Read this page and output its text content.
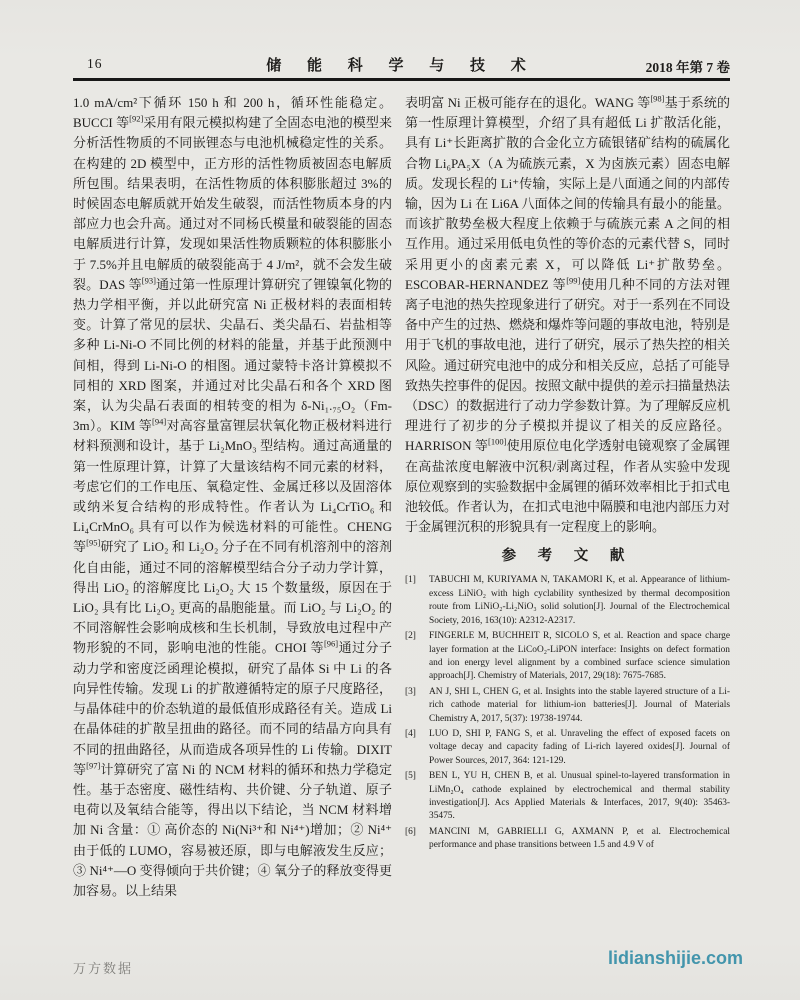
16	储 能 科 学 与 技 术	2018 年第 7 卷
1.0 mA/cm²下循环 150 h 和 200 h，循环性能稳定。BUCCI 等[92]采用有限元模拟构建了全固态电池的模型来分析活性物质的不同嵌锂态与电池机械稳定性的关系。在构建的 2D 模型中，正方形的活性物质被固态电解质所包围。结果表明，在活性物质的体积膨胀超过 3%的时候固态电解质就开始发生破裂，而活性物质本身的内部应力也会升高。通过对不同杨氏模量和破裂能的固态电解质进行计算，发现如果活性物质颗粒的体积膨胀小于 7.5%并且电解质的破裂能高于 4 J/m²，就不会发生破裂。DAS 等[93]通过第一性原理计算研究了锂镍氧化物的热力学相平衡，并以此研究富 Ni 正极材料的表面相转变。计算了常见的层状、尖晶石、类尖晶石、岩盐相等多种 Li-Ni-O 不同比例的材料的能量，并基于此预测中间相，得到 Li-Ni-O 的相图。通过蒙特卡洛计算模拟不同相的 XRD 图案，并通过对比尖晶石和各个 XRD 图案，认为尖晶石表面的相转变的相为 δ-Ni₁.₇₅O₂（Fm-3m）。KIM 等[94]对高容量富锂层状氧化物正极材料进行材料预测和设计，基于 Li₂MnO₃ 型结构。通过高通量的第一性原理计算，计算了大量该结构不同元素的材料，考虑它们的工作电压、氧稳定性、金属迁移以及固溶体或纳米复合结构的形成特性。作者认为 Li₄CrTiO₆ 和 Li₄CrMnO₆ 具有可以作为候选材料的可能性。CHENG 等[95]研究了 LiO₂ 和 Li₂O₂ 分子在不同有机溶剂中的溶剂化自由能，通过不同的溶解模型结合分子动力学计算，得出 LiO₂ 的溶解度比 Li₂O₂ 大 15 个数量级，原因在于 LiO₂ 具有比 Li₂O₂ 更高的晶胞能量。而 LiO₂ 与 Li₂O₂ 的不同溶解性会影响成核和生长机制，导致放电过程中产物形貌的不同，影响电池的性能。CHOI 等[96]通过分子动力学和密度泛函理论模拟，研究了晶体 Si 中 Li 的各向异性传输。发现 Li 的扩散遵循特定的原子尺度路径，与晶体硅中的价态轨道的最低值形成路径有关。造成 Li 在晶体硅的扩散呈扭曲的路径。而不同的结晶方向具有不同的扭曲路径，从而造成各项异性的 Li 传输。DIXIT 等[97]计算研究了富 Ni 的 NCM 材料的循环和热力学稳定性。基于态密度、磁性结构、共价键、分子轨道、原子电荷以及氧结合能等，得出以下结论，当 NCM 材料增加 Ni 含量：① 高价态的 Ni(Ni³⁺和 Ni⁴⁺)增加；② Ni⁴⁺由于低的 LUMO，容易被还原，即与电解液发生反应；③ Ni⁴⁺—O 变得倾向于共价键；④ 氧分子的释放变得更加容易。以上结果
表明富 Ni 正极可能存在的退化。WANG 等[98]基于系统的第一性原理计算模型，介绍了具有超低 Li 扩散活化能，具有 Li⁺长距离扩散的合金化立方硫银锗矿结构的硫属化合物 Li₆PA₅X（A 为硫族元素，X 为卤族元素）固态电解质。发现长程的 Li⁺传输，实际上是八面通之间的内部传输，因为 Li 在 Li6A 八面体之间的传输具有最小的能量。而该扩散势垒极大程度上依赖于与硫族元素 A 之间的相互作用。通过采用低电负性的等价态的元素代替 S，同时采用更小的卤素元素 X，可以降低 Li⁺扩散势垒。ESCOBAR-HERNANDEZ 等[99]使用几种不同的方法对锂离子电池的热失控现象进行了研究。对于一系列在不同设备中产生的过热、燃烧和爆炸等问题的事故电池，特别是用于飞机的事故电池，进行了研究，展示了热失控的相关风险。通过研究电池中的成分和相关反应，总括了可能导致热失控事件的促因。按照文献中提供的差示扫描量热法（DSC）的数据进行了动力学参数计算。为了理解反应机理进行了初步的分子模拟并提议了相关的反应路径。HARRISON 等[100]使用原位电化学透射电镜观察了金属锂在高盐浓度电解液中沉积/剥离过程，作者从实验中发现原位观察到的实验数据中金属锂的循环效率相比于扣式电池较低。作者认为，在扣式电池中隔膜和电池内部压力对于金属锂沉积的形貌具有一定程度上的影响。
参 考 文 献
[1]	TABUCHI M, KURIYAMA N, TAKAMORI K, et al. Appearance of lithium-excess LiNiO₂ with high cyclability synthesized by thermal decomposition route from LiNiO₂-Li₂NiO₃ solid solution[J]. Journal of the Electrochemical Society, 2016, 163(10): A2312-A2317.
[2]	FINGERLE M, BUCHHEIT R, SICOLO S, et al. Reaction and space charge layer formation at the LiCoO₂-LiPON interface: Insights on defect formation and ion energy level alignment by a combined surface science simulation approach[J]. Chemistry of Materials, 2017, 29(18): 7675-7685.
[3]	AN J, SHI L, CHEN G, et al. Insights into the stable layered structure of a Li-rich cathode material for lithium-ion batteries[J]. Journal of Materials Chemistry A, 2017, 5(37): 19738-19744.
[4]	LUO D, SHI P, FANG S, et al. Unraveling the effect of exposed facets on voltage decay and capacity fading of Li-rich layered oxides[J]. Journal of Power Sources, 2017, 364: 121-129.
[5]	BEN L, YU H, CHEN B, et al. Unusual spinel-to-layered transformation in LiMn₂O₄ cathode explained by electrochemical and thermal stability investigation[J]. Acs Applied Materials & Interfaces, 2017, 9(40): 35463-35475.
[6]	MANCINI M, GABRIELLI G, AXMANN P, et al. Electrochemical performance and phase transitions between 1.5 and 4.9 V of
万方数据
lidianshijie.com
